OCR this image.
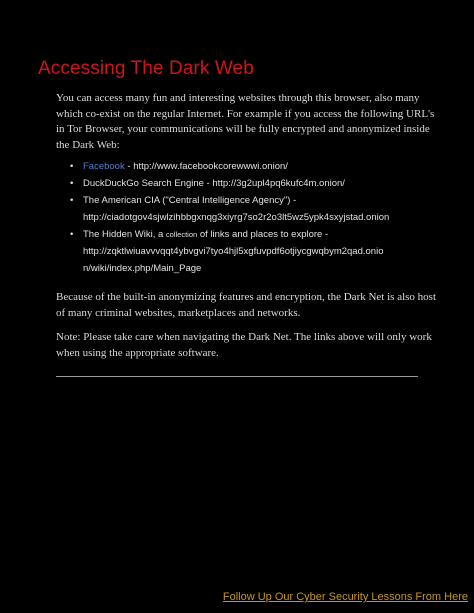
Accessing The Dark Web
You can access many fun and interesting websites through this browser, also many which co-exist on the regular Internet. For example if you access the following URL's in Tor Browser, your communications will be fully encrypted and anonymized inside the Dark Web:
• Facebook - http://www.facebookcorewwwi.onion/
• DuckDuckGo Search Engine - http://3g2upl4pq6kufc4m.onion/
• The American CIA ("Central Intelligence Agency") -
http://ciadotgov4sjwlzihbbgxnqg3xiyrg7so2r2o3lt5wz5ypk4sxyjstad.onion
• The Hidden Wiki, a collection of links and places to explore -
http://zqktlwiuavvvqqt4ybvgvi7tyo4hjl5xgfuvpdf6otjiycgwqbym2qad.onio
n/wiki/index.php/Main_Page
Because of the built-in anonymizing features and encryption, the Dark Net is also host of many criminal websites, marketplaces and networks.
Note: Please take care when navigating the Dark Net. The links above will only work when using the appropriate software.
Follow Up Our Cyber Security Lessons From Here
